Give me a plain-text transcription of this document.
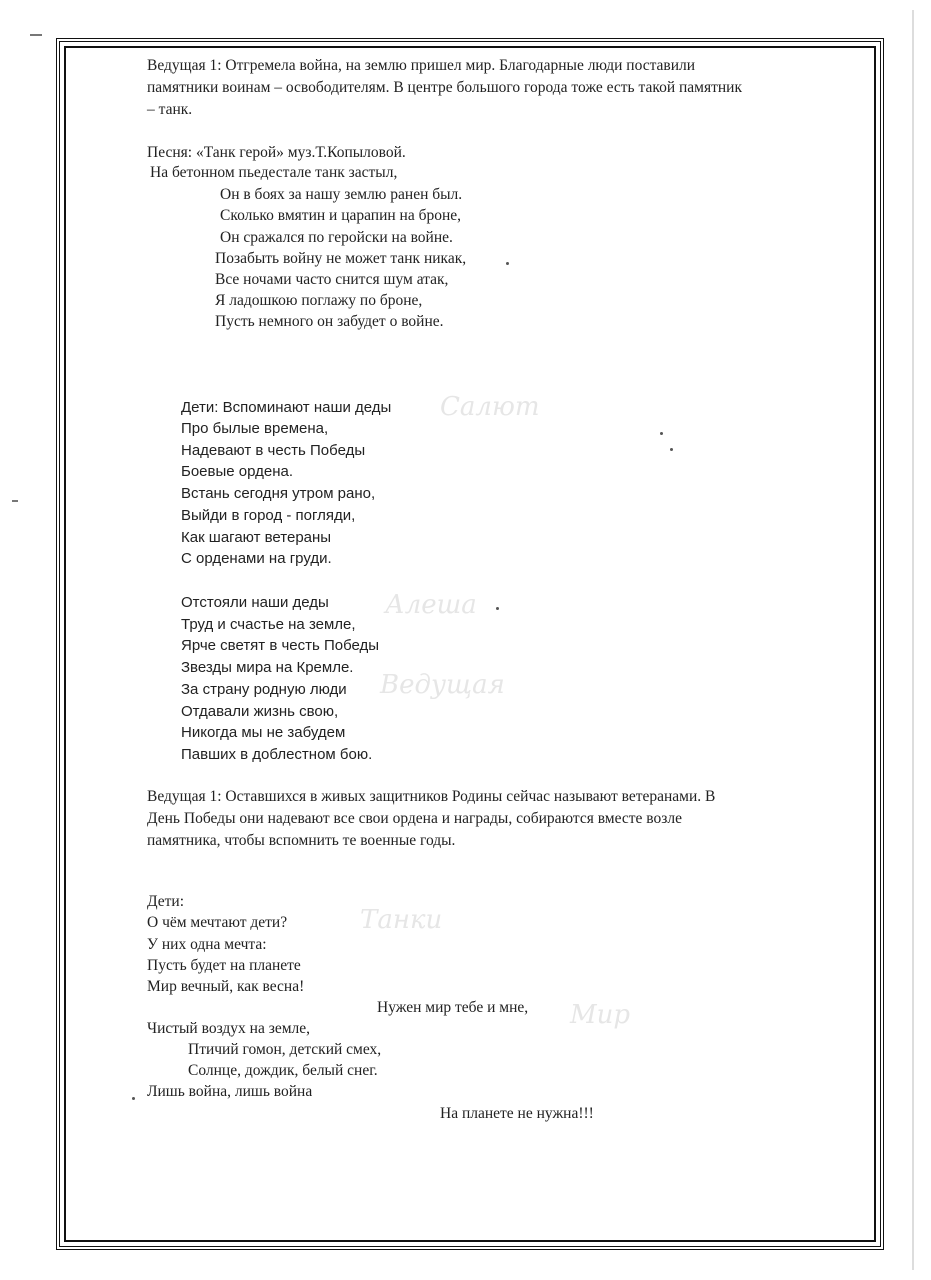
Салют
Алеша
Ведущая
Танки
Мир
Ведущая 1: Отгремела война, на землю пришел мир. Благодарные люди поставили
памятники воинам – освободителям. В центре большого города тоже есть такой памятник
– танк.
Песня: «Танк герой» муз.Т.Копыловой.
На бетонном пьедестале танк застыл,
Он в боях за нашу землю ранен был.
Сколько вмятин и царапин на броне,
Он сражался по геройски на войне.
Позабыть войну не может танк никак,
Все ночами часто снится шум атак,
Я ладошкою поглажу по броне,
Пусть немного он забудет о войне.
Дети: Вспоминают наши деды
Про былые времена,
Надевают в честь Победы
Боевые ордена.
Встань сегодня утром рано,
Выйди в город - погляди,
Как шагают ветераны
С орденами на груди.
Отстояли наши деды
Труд и счастье на земле,
Ярче светят в честь Победы
Звезды мира на Кремле.
За страну родную люди
Отдавали жизнь свою,
Никогда мы не забудем
Павших в доблестном бою.
Ведущая 1: Оставшихся в живых защитников Родины сейчас называют ветеранами. В
День Победы они надевают все свои ордена и награды, собираются вместе возле
памятника, чтобы вспомнить те военные годы.
Дети:
О чём мечтают дети?
У них одна мечта:
Пусть будет на планете
Мир вечный, как весна!
Нужен мир тебе и мне,
Чистый воздух на земле,
Птичий гомон, детский смех,
Солнце, дождик, белый снег.
Лишь война, лишь война
На планете не нужна!!!
